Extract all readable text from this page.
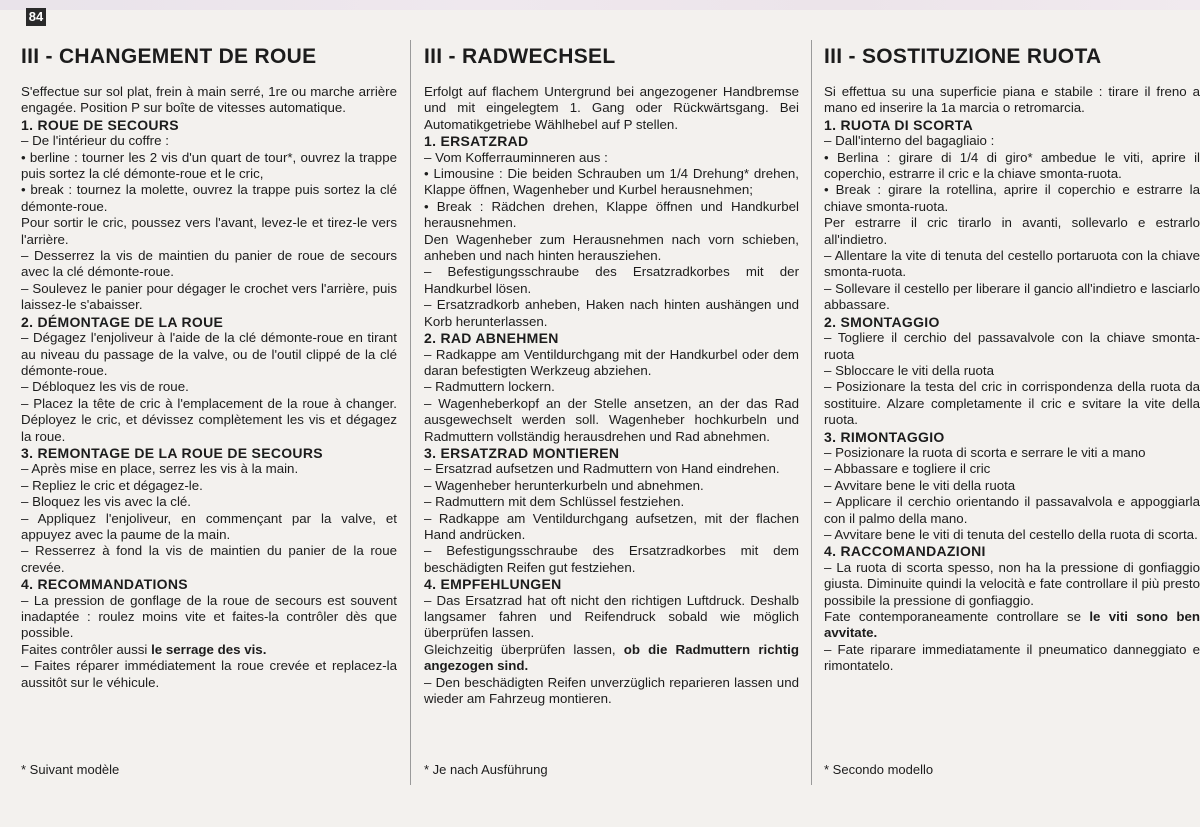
84
III - CHANGEMENT DE ROUE

S'effectue sur sol plat, frein à main serré, 1re ou marche arrière engagée. Position P sur boîte de vitesses automatique.

1. ROUE DE SECOURS

– De l'intérieur du coffre :

• berline : tourner les 2 vis d'un quart de tour*, ouvrez la trappe puis sortez la clé démonte-roue et le cric,

• break : tournez la molette, ouvrez la trappe puis sortez la clé démonte-roue.

Pour sortir le cric, poussez vers l'avant, levez-le et tirez-le vers l'arrière.

– Desserrez la vis de maintien du panier de roue de secours avec la clé démonte-roue.

– Soulevez le panier pour dégager le crochet vers l'arrière, puis laissez-le s'abaisser.

2. DÉMONTAGE DE LA ROUE

– Dégagez l'enjoliveur à l'aide de la clé démonte-roue en tirant au niveau du passage de la valve, ou de l'outil clippé de la clé démonte-roue.

– Débloquez les vis de roue.

– Placez la tête de cric à l'emplacement de la roue à changer. Déployez le cric, et dévissez complètement les vis et dégagez la roue.

3. REMONTAGE DE LA ROUE DE SECOURS

– Après mise en place, serrez les vis à la main.

– Repliez le cric et dégagez-le.

– Bloquez les vis avec la clé.

– Appliquez l'enjoliveur, en commençant par la valve, et appuyez avec la paume de la main.

– Resserrez à fond la vis de maintien du panier de la roue crevée.

4. RECOMMANDATIONS

– La pression de gonflage de la roue de secours est souvent inadaptée : roulez moins vite et faites-la contrôler dès que possible.

Faites contrôler aussi le serrage des vis.

– Faites réparer immédiatement la roue crevée et replacez-la aussitôt sur le véhicule.

III - RADWECHSEL

Erfolgt auf flachem Untergrund bei angezogener Handbremse und mit eingelegtem 1. Gang oder Rückwärtsgang. Bei Automatikgetriebe Wählhebel auf P stellen.

1. ERSATZRAD

– Vom Kofferrauminneren aus :

• Limousine : Die beiden Schrauben um 1/4 Drehung* drehen, Klappe öffnen, Wagenheber und Kurbel herausnehmen;

• Break : Rädchen drehen, Klappe öffnen und Handkurbel herausnehmen.

Den Wagenheber zum Herausnehmen nach vorn schieben, anheben und nach hinten herausziehen.

– Befestigungsschraube des Ersatzradkorbes mit der Handkurbel lösen.

– Ersatzradkorb anheben, Haken nach hinten aushängen und Korb herunterlassen.

2. RAD ABNEHMEN

– Radkappe am Ventildurchgang mit der Handkurbel oder dem daran befestigten Werkzeug abziehen.

– Radmuttern lockern.

– Wagenheberkopf an der Stelle ansetzen, an der das Rad ausgewechselt werden soll. Wagenheber hochkurbeln und Radmuttern vollständig herausdrehen und Rad abnehmen.

3. ERSATZRAD MONTIEREN

– Ersatzrad aufsetzen und Radmuttern von Hand eindrehen.

– Wagenheber herunterkurbeln und abnehmen.

– Radmuttern mit dem Schlüssel festziehen.

– Radkappe am Ventildurchgang aufsetzen, mit der flachen Hand andrücken.

– Befestigungsschraube des Ersatzradkorbes mit dem beschädigten Reifen gut festziehen.

4. EMPFEHLUNGEN

– Das Ersatzrad hat oft nicht den richtigen Luftdruck. Deshalb langsamer fahren und Reifendruck sobald wie möglich überprüfen lassen.

Gleichzeitig überprüfen lassen, ob die Radmuttern richtig angezogen sind.

– Den beschädigten Reifen unverzüglich reparieren lassen und wieder am Fahrzeug montieren.

III - SOSTITUZIONE RUOTA

Si effettua su una superficie piana e stabile : tirare il freno a mano ed inserire la 1a marcia o retromarcia.

1. RUOTA DI SCORTA

– Dall'interno del bagagliaio :

• Berlina : girare di 1/4 di giro* ambedue le viti, aprire il coperchio, estrarre il cric e la chiave smonta-ruota.

• Break : girare la rotellina, aprire il coperchio e estrarre la chiave smonta-ruota.

Per estrarre il cric tirarlo in avanti, sollevarlo e estrarlo all'indietro.

– Allentare la vite di tenuta del cestello portaruota con la chiave smonta-ruota.

– Sollevare il cestello per liberare il gancio all'indietro e lasciarlo abbassare.

2. SMONTAGGIO

– Togliere il cerchio del passavalvole con la chiave smonta-ruota

– Sbloccare le viti della ruota

– Posizionare la testa del cric in corrispondenza della ruota da sostituire. Alzare completamente il cric e svitare la vite della ruota.

3. RIMONTAGGIO

– Posizionare la ruota di scorta e serrare le viti a mano

– Abbassare e togliere il cric

– Avvitare bene le viti della ruota

– Applicare il cerchio orientando il passavalvola e appoggiarla con il palmo della mano.

– Avvitare bene le viti di tenuta del cestello della ruota di scorta.

4. RACCOMANDAZIONI

– La ruota di scorta spesso, non ha la pressione di gonfiaggio giusta. Diminuite quindi la velocità e fate controllare il più presto possibile la pressione di gonfiaggio.

Fate contemporaneamente controllare se le viti sono ben avvitate.

– Fate riparare immediatamente il pneumatico danneggiato e rimontatelo.

* Suivant modèle	* Je nach Ausführung	* Secondo modello
